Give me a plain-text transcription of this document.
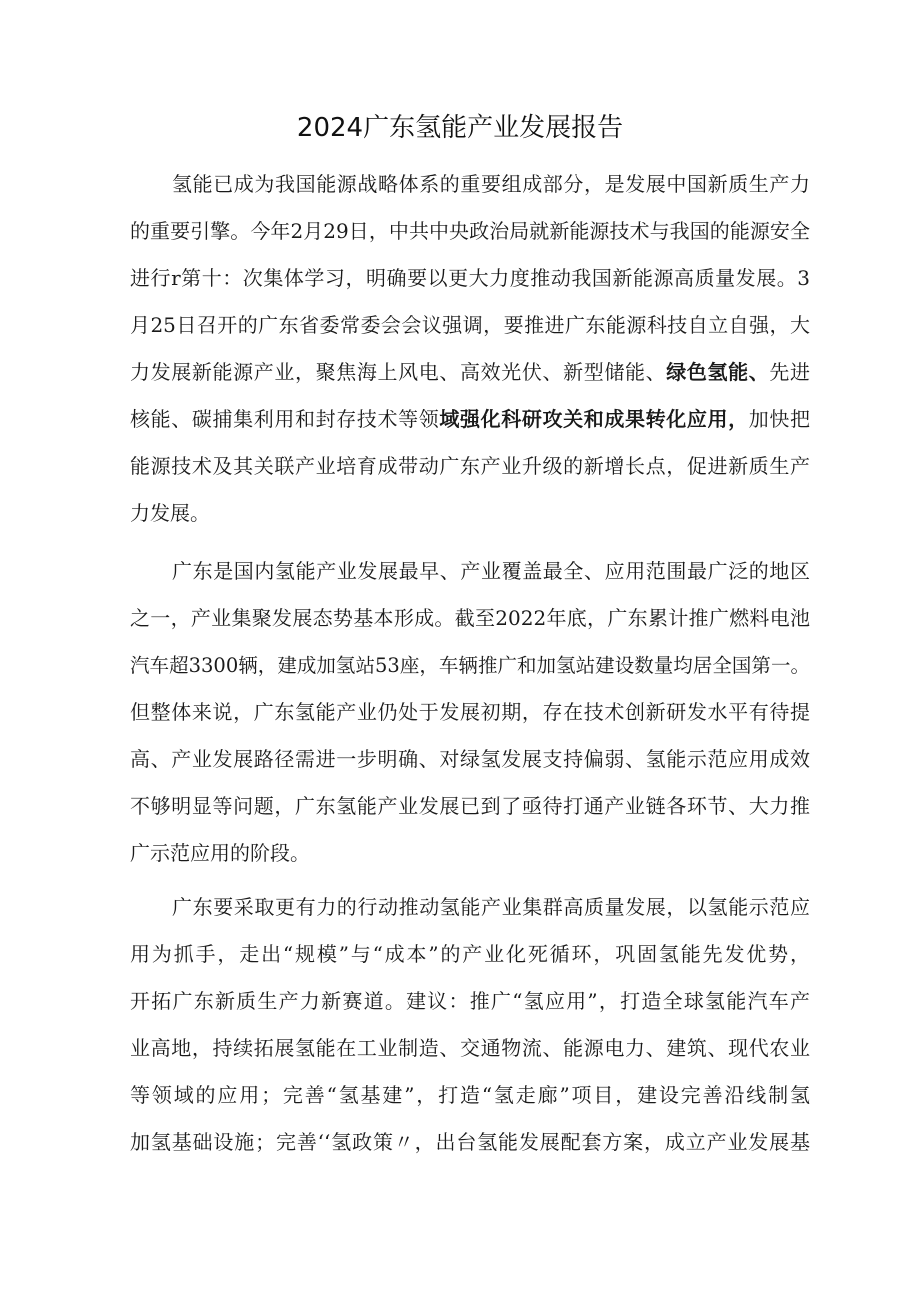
2024广东氢能产业发展报告
氢能已成为我国能源战略体系的重要组成部分，是发展中国新质生产力
的重要引擎。今年2月29日，中共中央政治局就新能源技术与我国的能源安全
进行r第十：次集体学习，明确要以更大力度推动我国新能源高质量发展。3
月25日召开的广东省委常委会会议强调，要推进广东能源科技自立自强，大
力发展新能源产业，聚焦海上风电、高效光伏、新型储能、绿色氢能、先进
核能、碳捕集利用和封存技术等领域强化科研攻关和成果转化应用，加快把
能源技术及其关联产业培育成带动广东产业升级的新增长点，促进新质生产
力发展。
广东是国内氢能产业发展最早、产业覆盖最全、应用范围最广泛的地区
之一，产业集聚发展态势基本形成。截至2022年底，广东累计推广燃料电池
汽车超3300辆，建成加氢站53座，车辆推广和加氢站建设数量均居全国第一。
但整体来说，广东氢能产业仍处于发展初期，存在技术创新研发水平有待提
高、产业发展路径需进一步明确、对绿氢发展支持偏弱、氢能示范应用成效
不够明显等问题，广东氢能产业发展已到了亟待打通产业链各环节、大力推
广示范应用的阶段。
广东要采取更有力的行动推动氢能产业集群高质量发展，以氢能示范应
用为抓手，走出“规模”与“成本”的产业化死循环，巩固氢能先发优势，
开拓广东新质生产力新赛道。建议：推广“氢应用”，打造全球氢能汽车产
业高地，持续拓展氢能在工业制造、交通物流、能源电力、建筑、现代农业
等领域的应用；完善“氢基建”，打造“氢走廊”项目，建设完善沿线制氢
加氢基础设施；完善‘‘氢政策〃，出台氢能发展配套方案，成立产业发展基
